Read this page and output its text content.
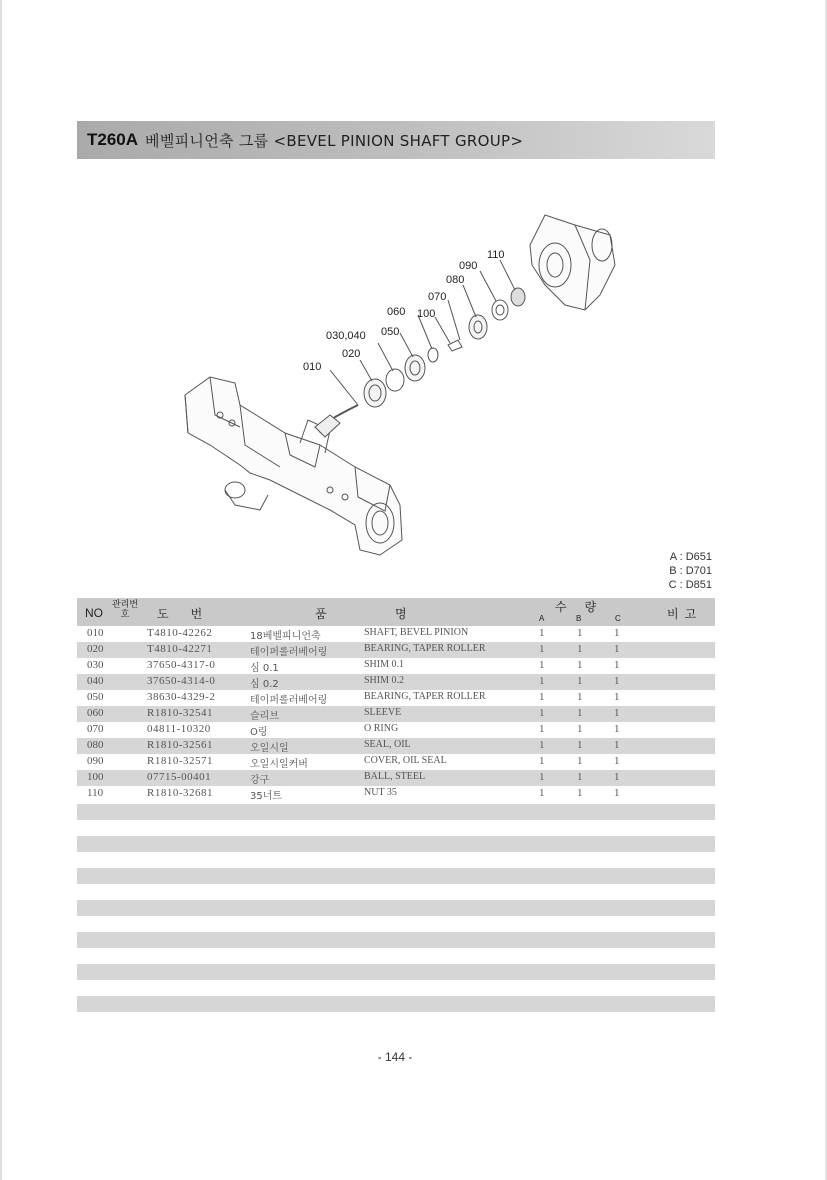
T260A 베벨피니언축 그룹 <BEVEL PINION SHAFT GROUP>
010
020
030,040 050
060 100
070
080
090
110
A : D651
B : D701
C : D851
NO
관리번호	도번	품	명	수량
A	B	C	비고
010	T4810-42262	18베벨피니언축	SHAFT, BEVEL PINION	1	1	1
020	T4810-42271	테이퍼롤러베어링	BEARING, TAPER ROLLER	1	1	1
030	37650-4317-0	심 0.1	SHIM 0.1	1	1	1
040	37650-4314-0	심 0.2	SHIM 0.2	1	1	1
050	38630-4329-2	테이퍼롤러베어링	BEARING, TAPER ROLLER	1	1	1
060	R1810-32541	슬리브	SLEEVE	1	1	1
070	04811-10320	O링	O RING	1	1	1
080	R1810-32561	오일시일	SEAL, OIL	1	1	1
090	R1810-32571	오일시일커버	COVER, OIL SEAL	1	1	1
100	07715-00401	강구	BALL, STEEL	1	1	1
110	R1810-32681	35너트	NUT 35	1	1	1
- 144 -
